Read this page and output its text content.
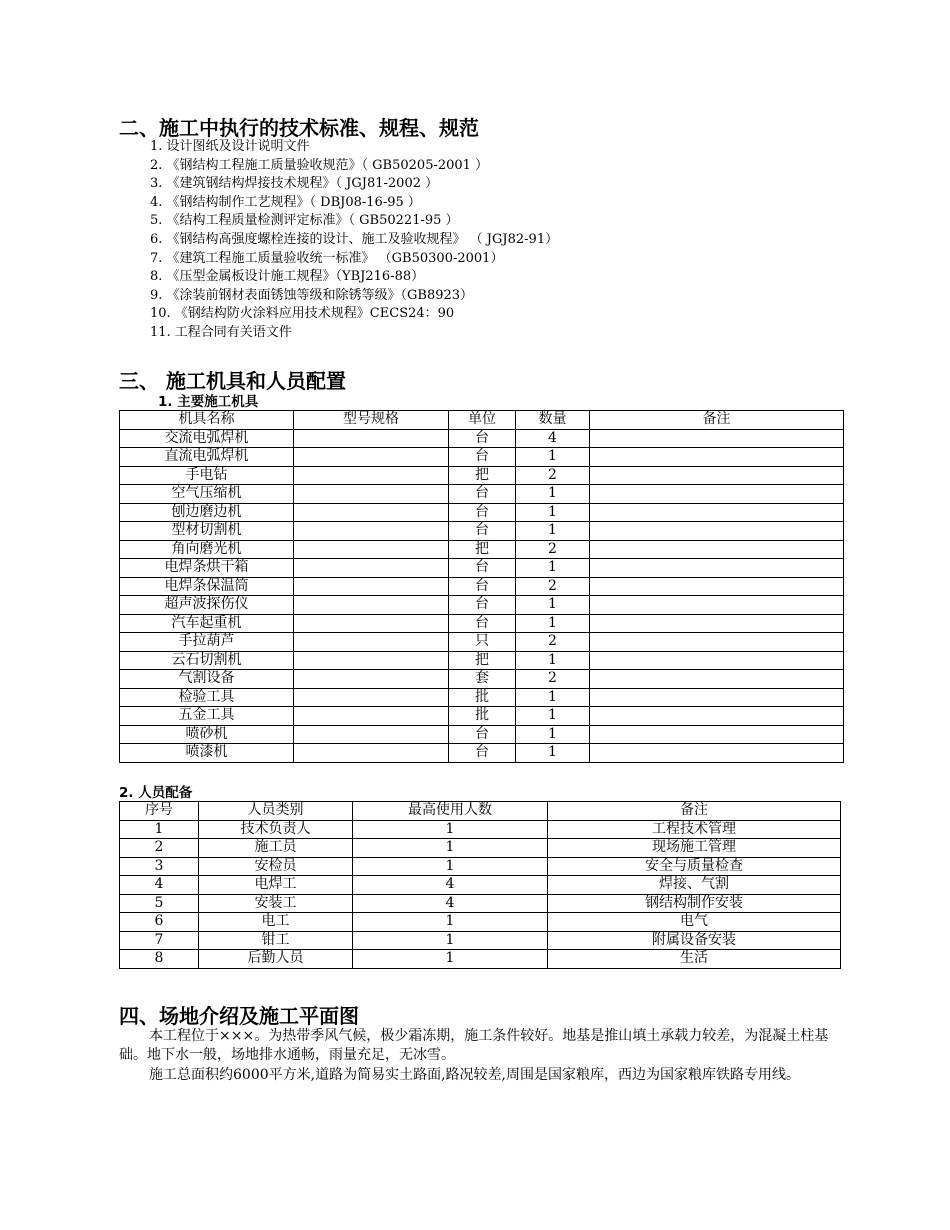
二、施工中执行的技术标准、规程、规范
1. 设计图纸及设计说明文件
2. 《钢结构工程施工质量验收规范》（ GB50205-2001 ）
3. 《建筑钢结构焊接技术规程》（ JGJ81-2002 ）
4. 《钢结构制作工艺规程》（ DBJ08-16-95 ）
5. 《结构工程质量检测评定标准》（ GB50221-95 ）
6. 《钢结构高强度螺栓连接的设计、施工及验收规程》 （ JGJ82-91）
7. 《建筑工程施工质量验收统一标准》 （GB50300-2001）
8. 《压型金属板设计施工规程》（YBJ216-88）
9. 《涂装前钢材表面锈蚀等级和除锈等级》（GB8923）
10. 《钢结构防火涂料应用技术规程》CECS24：90
11. 工程合同有关语文件
三、 施工机具和人员配置
1. 主要施工机具
机具名称	型号规格	单位	数量	备注
交流电弧焊机		台	4	
直流电弧焊机		台	1	
手电钻		把	2	
空气压缩机		台	1	
刨边磨边机		台	1	
型材切割机		台	1	
角向磨光机		把	2	
电焊条烘干箱		台	1	
电焊条保温筒		台	2	
超声波探伤仪		台	1	
汽车起重机		台	1	
手拉葫芦		只	2	
云石切割机		把	1	
气割设备		套	2	
检验工具		批	1	
五金工具		批	1	
喷砂机		台	1	
喷漆机		台	1	
2. 人员配备
序号	人员类别	最高使用人数	备注
1	技术负责人	1	工程技术管理
2	施工员	1	现场施工管理
3	安检员	1	安全与质量检查
4	电焊工	4	焊接、气割
5	安装工	4	钢结构制作安装
6	电工	1	电气
7	钳工	1	附属设备安装
8	后勤人员	1	生活
四、场地介绍及施工平面图

本工程位于×××。为热带季风气候，极少霜冻期，施工条件较好。地基是推山填土承载力较差，为混凝土柱基础。地下水一般，场地排水通畅，雨量充足，无冰雪。

施工总面积约6000平方米,道路为简易实土路面,路况较差,周围是国家粮库，西边为国家粮库铁路专用线。
